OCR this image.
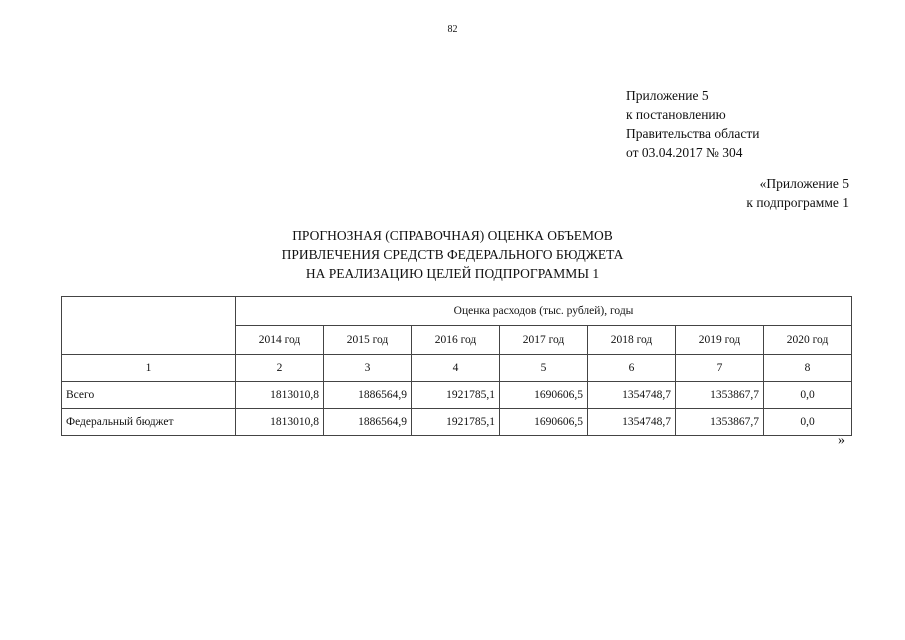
82
Приложение 5
к постановлению
Правительства области
от 03.04.2017 № 304
«Приложение 5
к подпрограмме 1
ПРОГНОЗНАЯ (СПРАВОЧНАЯ) ОЦЕНКА ОБЪЕМОВ
ПРИВЛЕЧЕНИЯ СРЕДСТВ ФЕДЕРАЛЬНОГО БЮДЖЕТА
НА РЕАЛИЗАЦИЮ ЦЕЛЕЙ ПОДПРОГРАММЫ 1
	Оценка расходов (тыс. рублей), годы						
	2014 год	2015 год	2016 год	2017 год	2018 год	2019 год	2020 год
1	2	3	4	5	6	7	8
Всего	1813010,8	1886564,9	1921785,1	1690606,5	1354748,7	1353867,7	0,0
Федеральный бюджет	1813010,8	1886564,9	1921785,1	1690606,5	1354748,7	1353867,7	0,0
»
